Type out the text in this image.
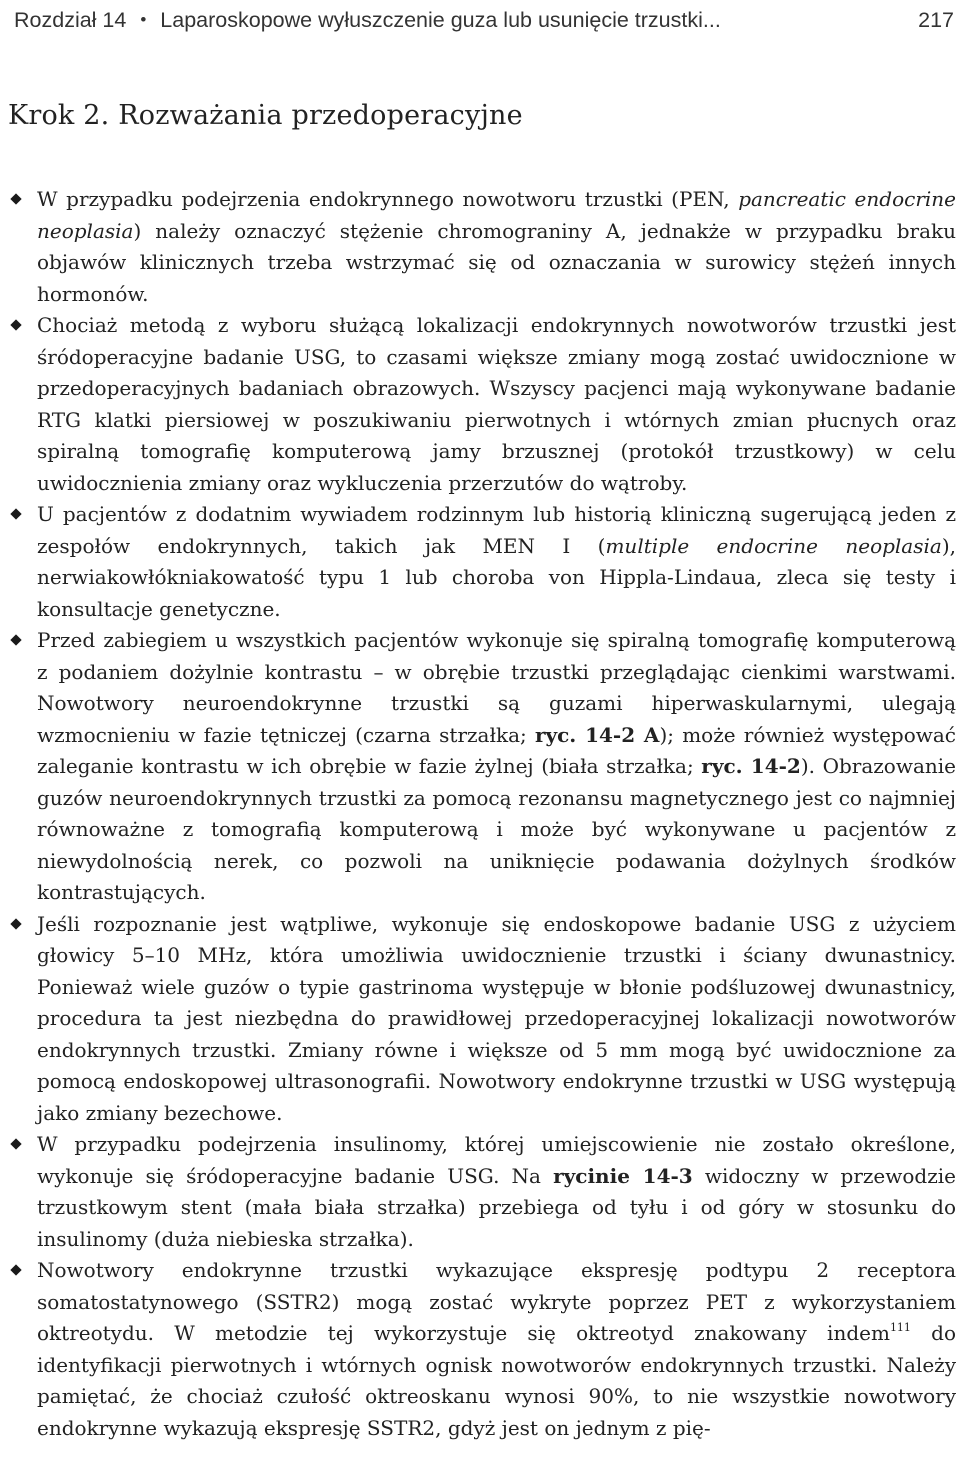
Rozdział 14 • Laparoskopowe wyłuszczenie guza lub usunięcie trzustki...	217
Krok 2. Rozważania przedoperacyjne
W przypadku podejrzenia endokrynnego nowotworu trzustki (PEN, pancreatic endocrine neoplasia) należy oznaczyć stężenie chromograniny A, jednakże w przypadku braku objawów klinicznych trzeba wstrzymać się od oznaczania w surowicy stężeń innych hormonów.
Chociaż metodą z wyboru służącą lokalizacji endokrynnych nowotworów trzustki jest śródoperacyjne badanie USG, to czasami większe zmiany mogą zostać uwidocznione w przedoperacyjnych badaniach obrazowych. Wszyscy pacjenci mają wykonywane badanie RTG klatki piersiowej w poszukiwaniu pierwotnych i wtórnych zmian płucnych oraz spiralną tomografię komputerową jamy brzusznej (protokół trzustkowy) w celu uwidocznienia zmiany oraz wykluczenia przerzutów do wątroby.
U pacjentów z dodatnim wywiadem rodzinnym lub historią kliniczną sugerującą jeden z zespołów endokrynnych, takich jak MEN I (multiple endocrine neoplasia), nerwiakowłókniakowatość typu 1 lub choroba von Hippla-Lindaua, zleca się testy i konsultacje genetyczne.
Przed zabiegiem u wszystkich pacjentów wykonuje się spiralną tomografię komputerową z podaniem dożylnie kontrastu – w obrębie trzustki przeglądając cienkimi warstwami. Nowotwory neuroendokrynne trzustki są guzami hiperwaskularnymi, ulegają wzmocnieniu w fazie tętniczej (czarna strzałka; ryc. 14-2 A); może również występować zaleganie kontrastu w ich obrębie w fazie żylnej (biała strzałka; ryc. 14-2). Obrazowanie guzów neuroendokrynnych trzustki za pomocą rezonansu magnetycznego jest co najmniej równoważne z tomografią komputerową i może być wykonywane u pacjentów z niewydolnością nerek, co pozwoli na uniknięcie podawania dożylnych środków kontrastujących.
Jeśli rozpoznanie jest wątpliwe, wykonuje się endoskopowe badanie USG z użyciem głowicy 5–10 MHz, która umożliwia uwidocznienie trzustki i ściany dwunastnicy. Ponieważ wiele guzów o typie gastrinoma występuje w błonie podśluzowej dwunastnicy, procedura ta jest niezbędna do prawidłowej przedoperacyjnej lokalizacji nowotworów endokrynnych trzustki. Zmiany równe i większe od 5 mm mogą być uwidocznione za pomocą endoskopowej ultrasonografii. Nowotwory endokrynne trzustki w USG występują jako zmiany bezechowe.
W przypadku podejrzenia insulinomy, której umiejscowienie nie zostało określone, wykonuje się śródoperacyjne badanie USG. Na rycinie 14-3 widoczny w przewodzie trzustkowym stent (mała biała strzałka) przebiega od tyłu i od góry w stosunku do insulinomy (duża niebieska strzałka).
Nowotwory endokrynne trzustki wykazujące ekspresję podtypu 2 receptora somatostatynowego (SSTR2) mogą zostać wykryte poprzez PET z wykorzystaniem oktreotydu. W metodzie tej wykorzystuje się oktreotyd znakowany indem$^{111}$ do identyfikacji pierwotnych i wtórnych ognisk nowotworów endokrynnych trzustki. Należy pamiętać, że chociaż czułość oktreoskanu wynosi 90%, to nie wszystkie nowotwory endokrynne wykazują ekspresję SSTR2, gdyż jest on jednym z pię-
